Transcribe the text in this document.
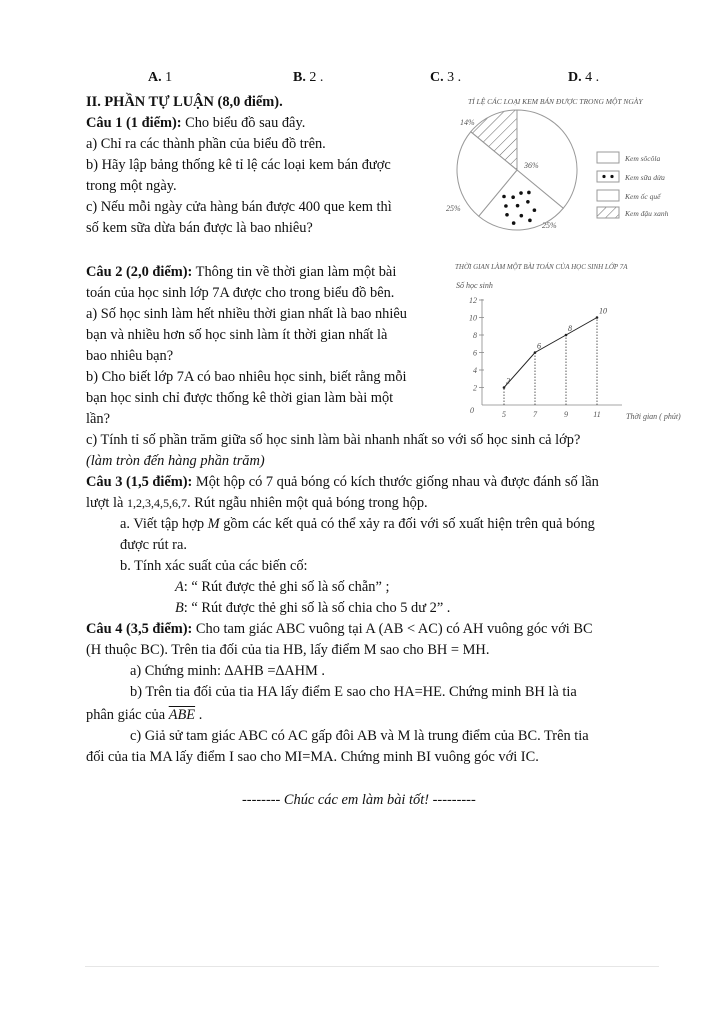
A. 1	B. 2 .	C. 3 .	D. 4 .
II. PHẦN TỰ LUẬN (8,0 điểm).
Câu 1 (1 điểm): Cho biểu đồ sau đây.
a) Chỉ ra các thành phần của biểu đồ trên.
b) Hãy lập bảng thống kê tỉ lệ các loại kem bán được
trong một ngày.
c) Nếu mỗi ngày cửa hàng bán được 400 que kem thì
số kem sữa dừa bán được là bao nhiêu?
TỈ LỆ CÁC LOẠI KEM BÁN ĐƯỢC TRONG MỘT NGÀY
14%
36%
25%
25%
Kem sôcôla
Kem sữa dừa
Kem ốc quế
Kem đậu xanh
Câu 2 (2,0 điểm): Thông tin về thời gian làm một bài
toán của học sinh lớp 7A được cho trong biểu đồ bên.
a) Số học sinh làm hết nhiều thời gian nhất là bao nhiêu
bạn và nhiều hơn số học sinh làm ít thời gian nhất là
bao nhiêu bạn?
b) Cho biết lớp 7A có bao nhiêu học sinh, biết rằng mỗi
bạn học sinh chỉ được thống kê thời gian làm bài một
lần?
c) Tính tỉ số phần trăm giữa số học sinh làm bài nhanh nhất so với số học sinh cả lớp?
(làm tròn đến hàng phần trăm)
THỜI GIAN LÀM MỘT BÀI TOÁN CỦA HỌC SINH LỚP 7A
Số học sinh
Thời gian ( phút)
0
2
4
6
8
10
12
5	7	9	11
2
6
8
10
Câu 3 (1,5 điểm): Một hộp có 7 quả bóng có kích thước giống nhau và được đánh số lần
lượt là 1,2,3,4,5,6,7. Rút ngẫu nhiên một quả bóng trong hộp.
a. Viết tập hợp M gồm các kết quả có thể xảy ra đối với số xuất hiện trên quả bóng
được rút ra.
b. Tính xác suất của các biến cố:
A: “ Rút được thẻ ghi số là số chẵn” ;
B: “ Rút được thẻ ghi số là số chia cho 5 dư 2” .
Câu 4 (3,5 điểm): Cho tam giác ABC vuông tại A (AB < AC) có AH vuông góc với BC
(H thuộc BC). Trên tia đối của tia HB, lấy điểm M sao cho BH = MH.
a) Chứng minh: ∆AHB =∆AHM .
b) Trên tia đối của tia HA lấy điểm E sao cho HA=HE. Chứng minh BH là tia
phân giác của $\overline{ABE}$ .
c) Giả sử tam giác ABC có AC gấp đôi AB và M là trung điểm của BC. Trên tia
đối của tia MA lấy điểm I sao cho MI=MA. Chứng minh BI vuông góc với IC.
-------- Chúc các em làm bài tốt! ---------
